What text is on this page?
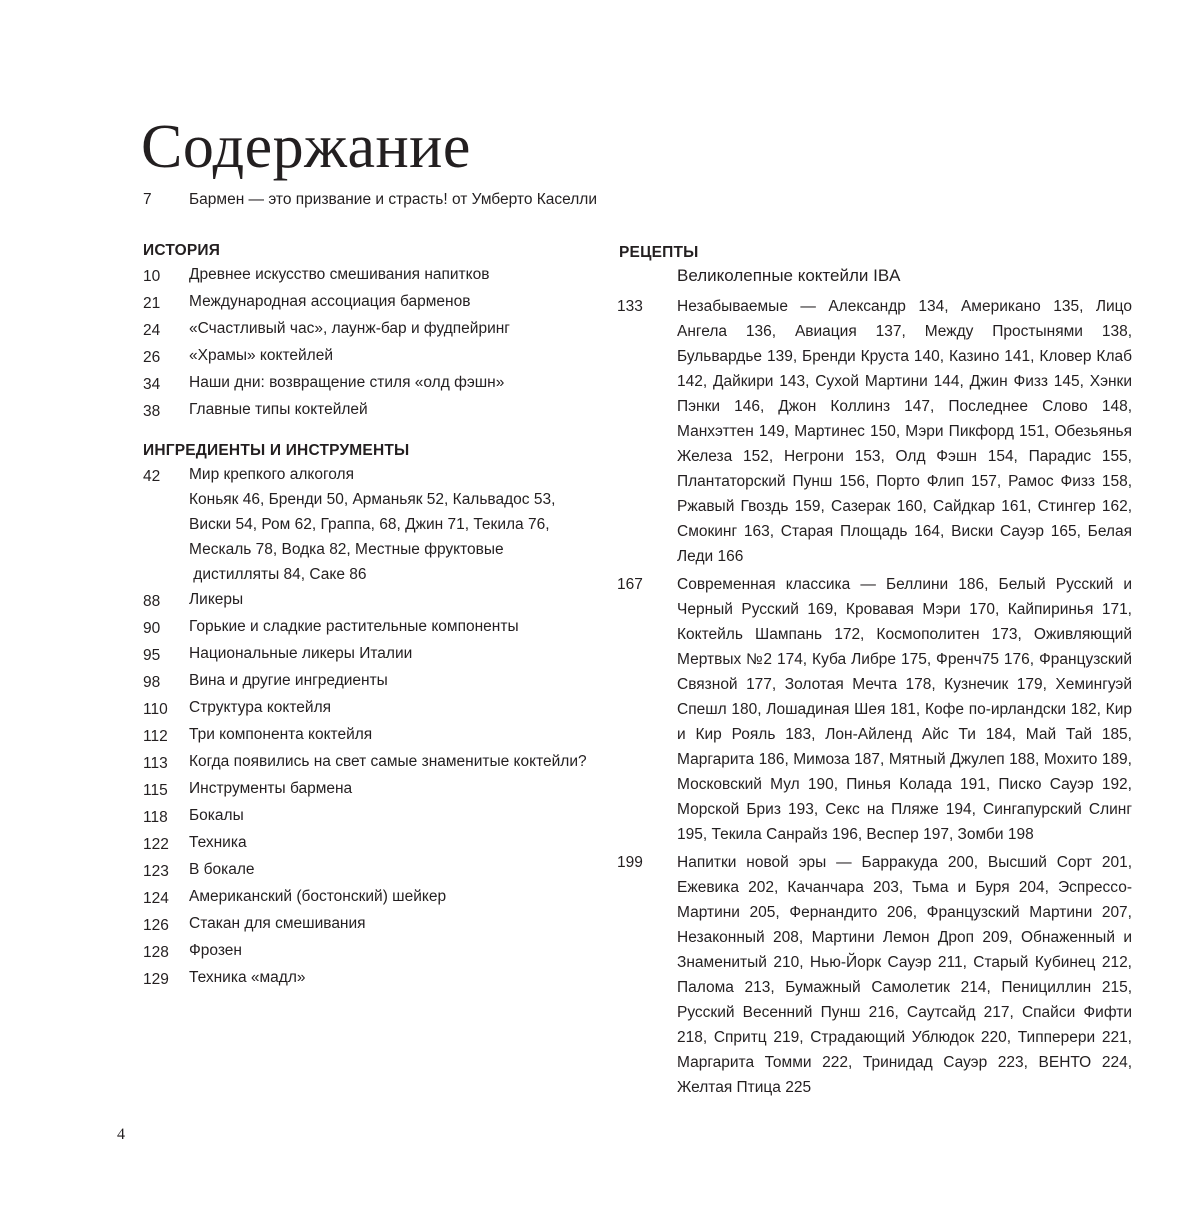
Содержание
7	Бармен — это призвание и страсть! от Умберто Каселли
ИСТОРИЯ
10	Древнее искусство смешивания напитков
21	Международная ассоциация барменов
24	«Счастливый час», лаунж-бар и фудпейринг
26	«Храмы» коктейлей
34	Наши дни: возвращение стиля «олд фэшн»
38	Главные типы коктейлей
ИНГРЕДИЕНТЫ И ИНСТРУМЕНТЫ
42	Мир крепкого алкоголя
Коньяк 46, Бренди 50, Арманьяк 52, Кальвадос 53,
Виски 54, Ром 62, Граппа, 68, Джин 71, Текила 76,
Мескаль 78, Водка 82, Местные фруктовые
дистилляты 84, Саке 86
88	Ликеры
90	Горькие и сладкие растительные компоненты
95	Национальные ликеры Италии
98	Вина и другие ингредиенты
110	Структура коктейля
112	Три компонента коктейля
113	Когда появились на свет самые знаменитые коктейли?
115	Инструменты бармена
118	Бокалы
122	Техника
123	В бокале
124	Американский (бостонский) шейкер
126	Стакан для смешивания
128	Фрозен
129	Техника «мадл»
РЕЦЕПТЫ
Великолепные коктейли IBA
133	Незабываемые — Александр 134, Американо 135, Лицо Ангела 136, Авиация 137, Между Простынями 138, Бульвардье 139, Бренди Круста 140, Казино 141, Кловер Клаб 142, Дайкири 143, Сухой Мартини 144, Джин Физз 145, Хэнки Пэнки 146, Джон Коллинз 147, Последнее Слово 148, Манхэттен 149, Мартинес 150, Мэри Пикфорд 151, Обезьянья Железа 152, Негрони 153, Олд Фэшн 154, Парадис 155, Плантаторский Пунш 156, Порто Флип 157, Рамос Физз 158, Ржавый Гвоздь 159, Сазерак 160, Сайдкар 161, Стингер 162, Смокинг 163, Старая Площадь 164, Виски Сауэр 165, Белая Леди 166
167	Современная классика — Беллини 186, Белый Русский и Черный Русский 169, Кровавая Мэри 170, Кайпиринья 171, Коктейль Шампань 172, Космополитен 173, Оживляющий Мертвых №2 174, Куба Либре 175, Френч75 176, Французский Связной 177, Золотая Мечта 178, Кузнечик 179, Хемингуэй Спешл 180, Лошадиная Шея 181, Кофе по-ирландски 182, Кир и Кир Рояль 183, Лон-Айленд Айс Ти 184, Май Тай 185, Маргарита 186, Мимоза 187, Мятный Джулеп 188, Мохито 189, Московский Мул 190, Пинья Колада 191, Писко Сауэр 192, Морской Бриз 193, Секс на Пляже 194, Сингапурский Слинг 195, Текила Санрайз 196, Веспер 197, Зомби 198
199	Напитки новой эры — Барракуда 200, Высший Сорт 201, Ежевика 202, Качанчара 203, Тьма и Буря 204, Эспрессо-Мартини 205, Фернандито 206, Французский Мартини 207, Незаконный 208, Мартини Лемон Дроп 209, Обнаженный и Знаменитый 210, Нью-Йорк Сауэр 211, Старый Кубинец 212, Палома 213, Бумажный Самолетик 214, Пенициллин 215, Русский Весенний Пунш 216, Саутсайд 217, Спайси Фифти 218, Спритц 219, Страдающий Ублюдок 220, Типперери 221, Маргарита Томми 222, Тринидад Сауэр 223, ВЕНТО 224, Желтая Птица 225
4
